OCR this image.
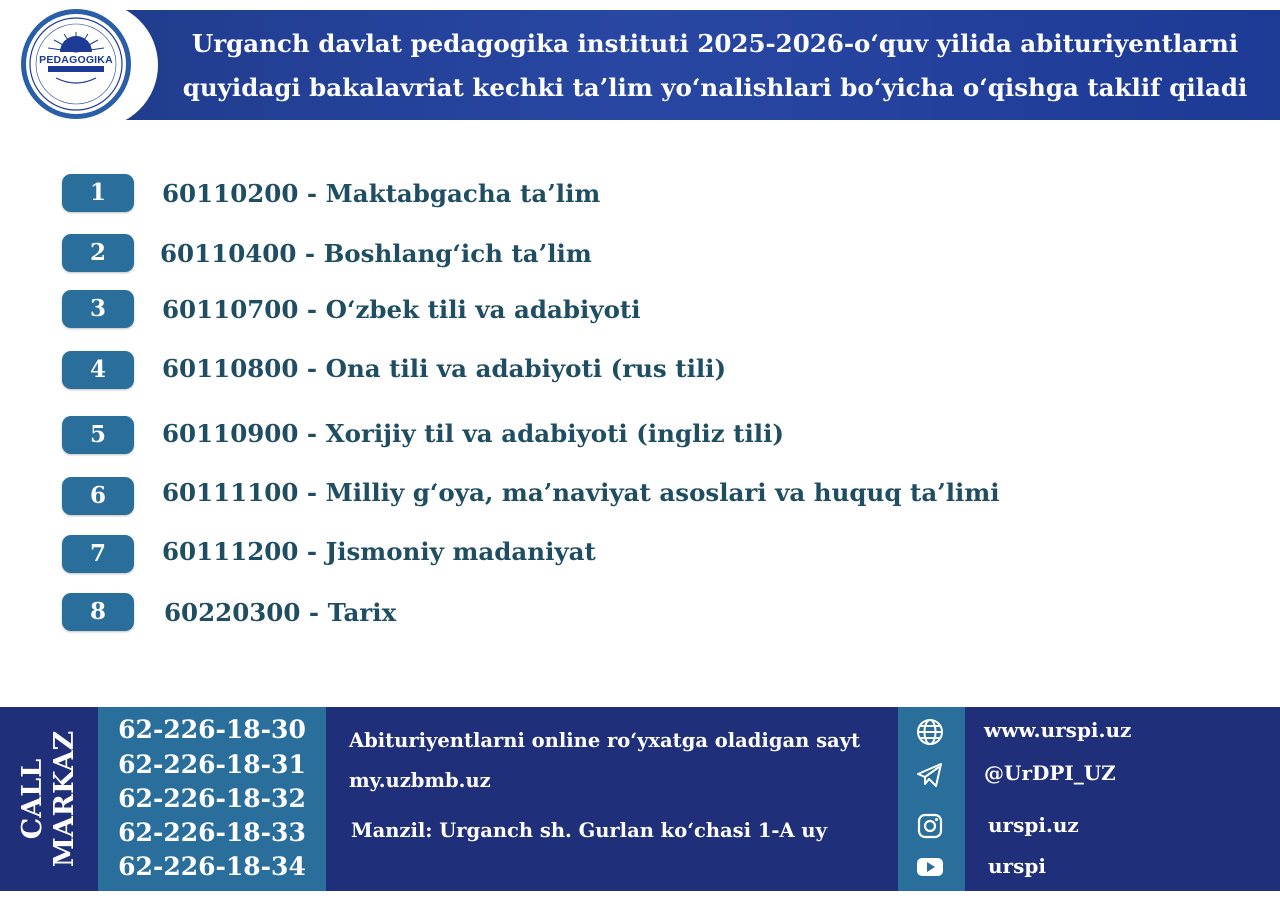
PEDAGOGIKA
Urganch davlat pedagogika instituti 2025-2026-o‘quv yilida abituriyentlarni
quyidagi bakalavriat kechki ta’lim yo‘nalishlari bo‘yicha o‘qishga taklif qiladi
1	60110200 - Maktabgacha ta’lim
2	60110400 - Boshlang‘ich ta’lim
3	60110700 - O‘zbek tili va adabiyoti
4	60110800 - Ona tili va adabiyoti (rus tili)
5	60110900 - Xorijiy til va adabiyoti (ingliz tili)
6	60111100 - Milliy g‘oya, ma’naviyat asoslari va huquq ta’limi
7	60111200 - Jismoniy madaniyat
8	60220300 - Tarix
CALL MARKAZ
62-226-18-30
62-226-18-31
62-226-18-32
62-226-18-33
62-226-18-34
Abituriyentlarni online ro‘yxatga oladigan sayt
my.uzbmb.uz
Manzil: Urganch sh. Gurlan ko‘chasi 1-A uy
www.urspi.uz
@UrDPI_UZ
urspi.uz
urspi
